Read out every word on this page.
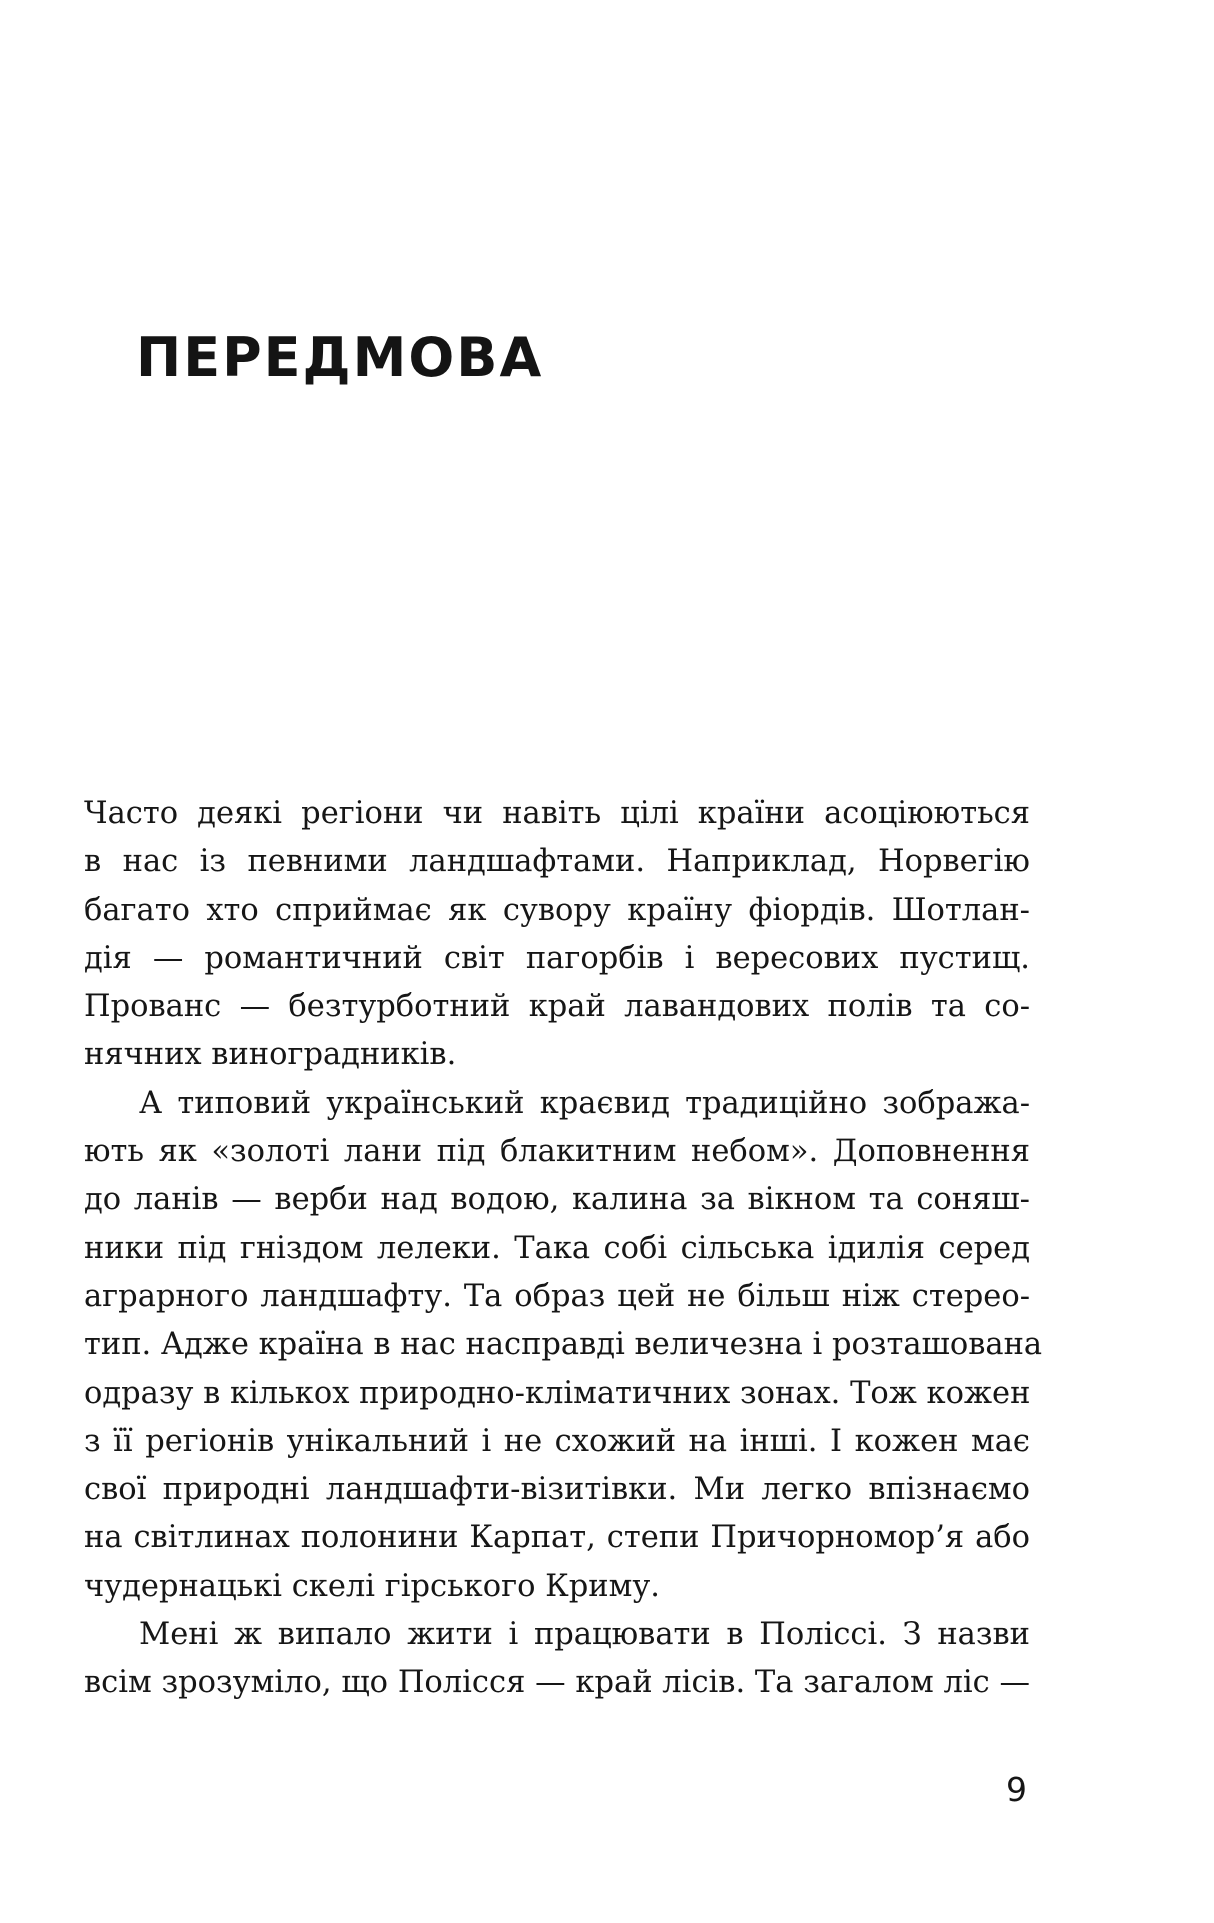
ПЕРЕДМОВА
Часто деякі регіони чи навіть цілі країни асоціюються
в нас із певними ландшафтами. Наприклад, Норвегію
багато хто сприймає як сувору країну фіордів. Шотлан-
дія — романтичний світ пагорбів і вересових пустищ.
Прованс — безтурботний край лавандових полів та со-
нячних виноградників.
А типовий український краєвид традиційно зобража-
ють як «золоті лани під блакитним небом». Доповнення
до ланів — верби над водою, калина за вікном та соняш-
ники під гніздом лелеки. Така собі сільська ідилія серед
аграрного ландшафту. Та образ цей не більш ніж стерео-
тип. Адже країна в нас насправді величезна і розташована
одразу в кількох природно-кліматичних зонах. Тож кожен
з її регіонів унікальний і не схожий на інші. І кожен має
свої природні ландшафти-візитівки. Ми легко впізнаємо
на світлинах полонини Карпат, степи Причорномор’я або
чудернацькі скелі гірського Криму.
Мені ж випало жити і працювати в Поліссі. З назви
всім зрозуміло, що Полісся — край лісів. Та загалом ліс —
9
